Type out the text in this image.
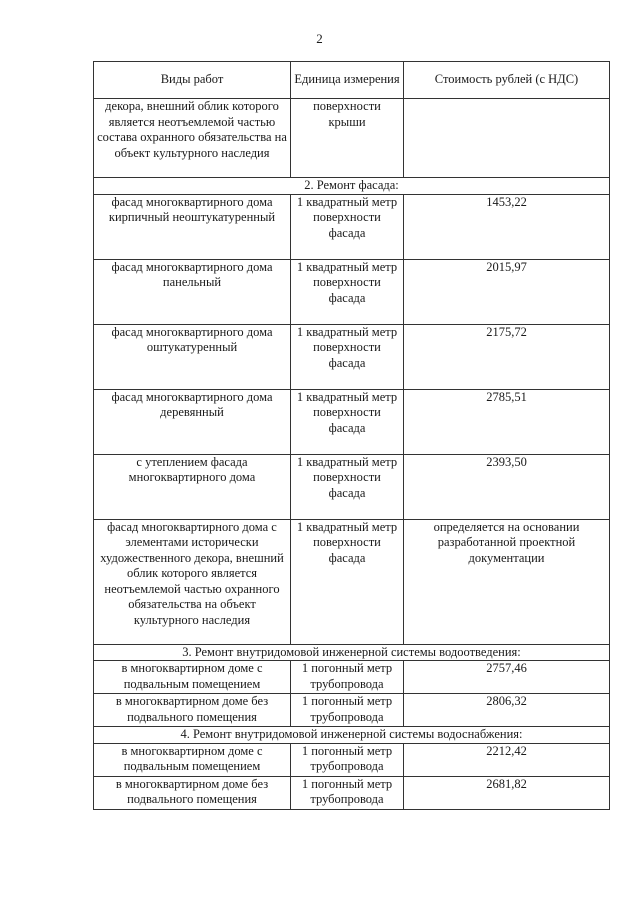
2
Виды работ	Единица измерения	Стоимость рублей (с НДС)
декора, внешний облик которого является неотъемлемой частью состава охранного обязательства на объект культурного наследия	поверхности крыши	
2. Ремонт фасада:		
фасад многоквартирного дома кирпичный неоштукатуренный	1 квадратный метр поверхности фасада	1453,22
фасад многоквартирного дома панельный	1 квадратный метр поверхности фасада	2015,97
фасад многоквартирного дома оштукатуренный	1 квадратный метр поверхности фасада	2175,72
фасад многоквартирного дома деревянный	1 квадратный метр поверхности фасада	2785,51
с утеплением фасада многоквартирного дома	1 квадратный метр поверхности фасада	2393,50
фасад многоквартирного дома с элементами исторически художественного декора, внешний облик которого является неотъемлемой частью охранного обязательства на объект культурного наследия	1 квадратный метр поверхности фасада	определяется на основании разработанной проектной документации
3. Ремонт внутридомовой инженерной системы водоотведения:		
в многоквартирном доме с подвальным помещением	1 погонный метр трубопровода	2757,46
в многоквартирном доме без подвального помещения	1 погонный метр трубопровода	2806,32
4. Ремонт внутридомовой инженерной системы водоснабжения:		
в многоквартирном доме с подвальным помещением	1 погонный метр трубопровода	2212,42
в многоквартирном доме без подвального помещения	1 погонный метр трубопровода	2681,82
